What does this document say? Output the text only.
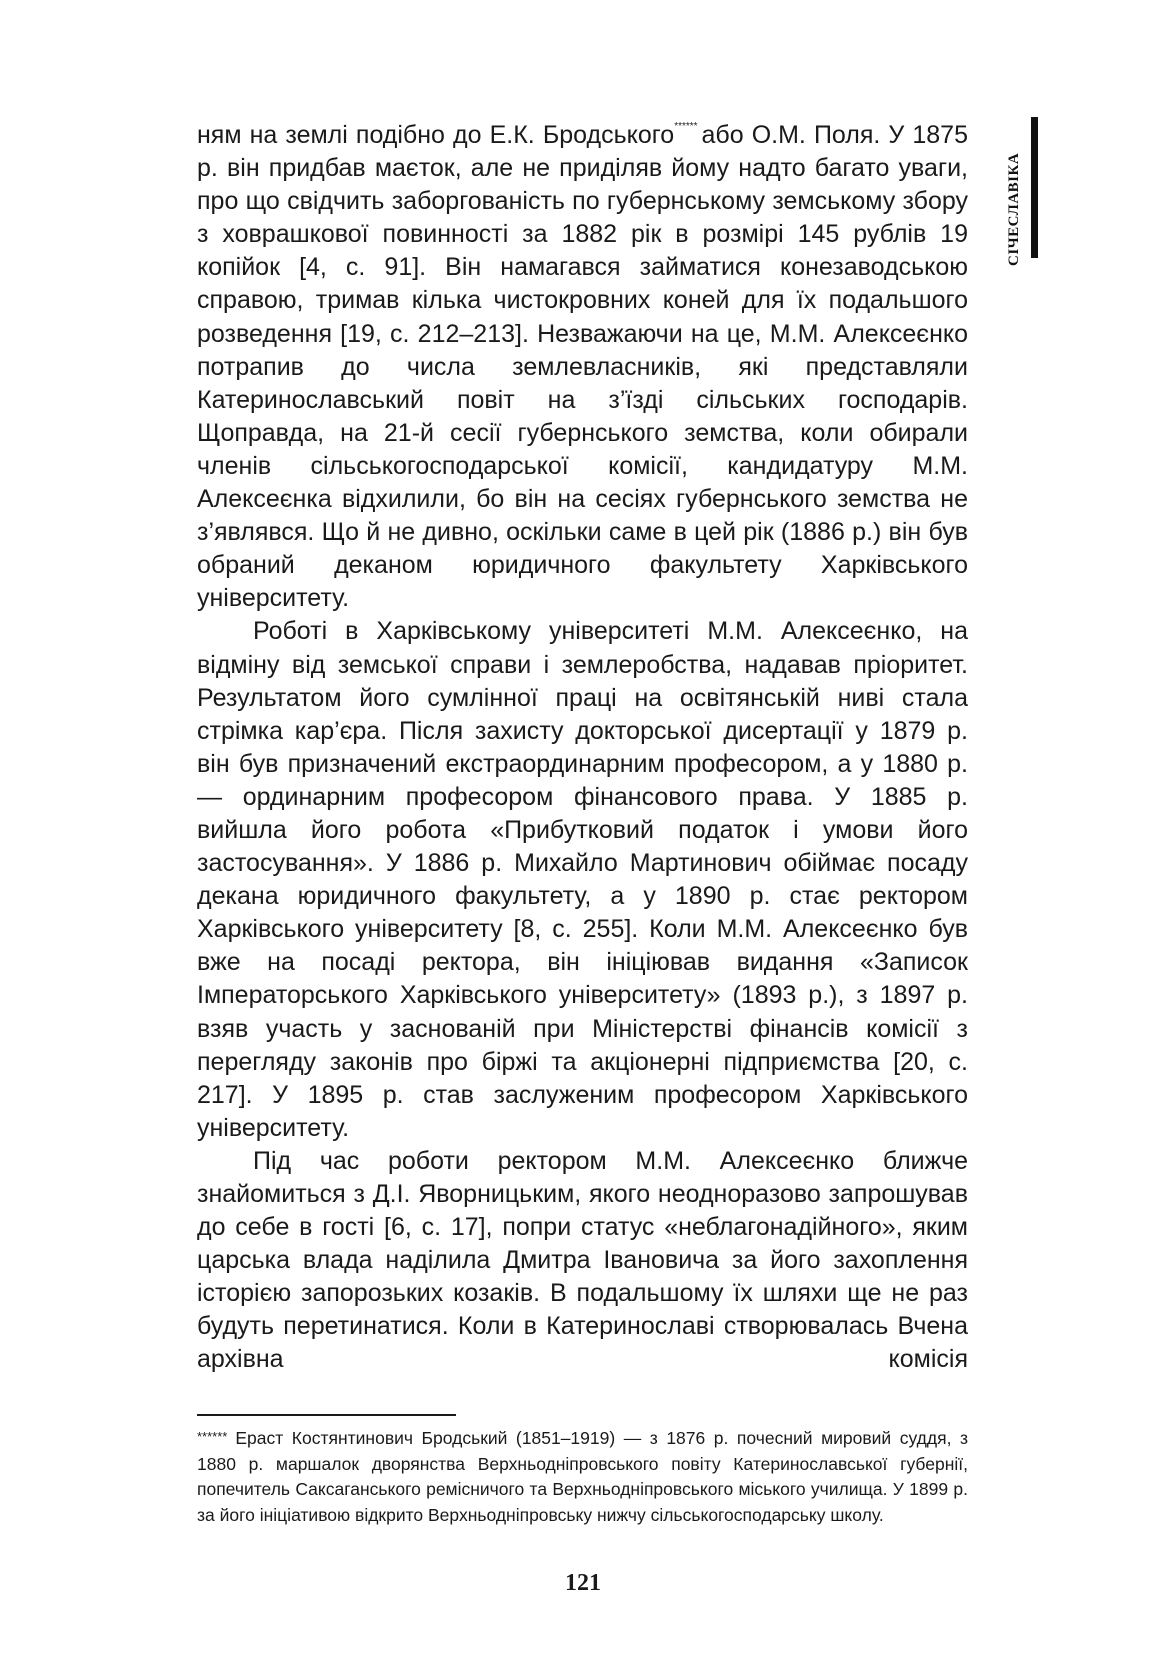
СІЧЕСЛАВІКА

ням на землі подібно до Е.К. Бродського****** або О.М. Поля. У 1875 р. він придбав маєток, але не приділяв йому надто багато уваги, про що свідчить заборгованість по губернському земському збору з ховрашкової повинності за 1882 рік в розмірі 145 рублів 19 копійок [4, с. 91]. Він намагався займатися конезаводською справою, тримав кілька чистокровних коней для їх подальшого розведення [19, с. 212–213]. Незважаючи на це, М.М. Алексеєнко потрапив до числа землевласників, які представляли Катеринославський повіт на з’їзді сільських господарів. Щоправда, на 21-й сесії губернського земства, коли обирали членів сільськогосподарської комісії, кандидатуру М.М. Алексеєнка відхилили, бо він на сесіях губернського земства не з’являвся. Що й не дивно, оскільки саме в цей рік (1886 р.) він був обраний деканом юридичного факультету Харківського університету.

Роботі в Харківському університеті М.М. Алексеєнко, на відміну від земської справи і землеробства, надавав пріоритет. Результатом його сумлінної праці на освітянській ниві стала стрімка кар’єра. Після захисту докторської дисертації у 1879 р. він був призначений екстраординарним професором, а у 1880 р. — ординарним професором фінансового права. У 1885 р. вийшла його робота «Прибутковий податок і умови його застосування». У 1886 р. Михайло Мартинович обіймає посаду декана юридичного факультету, а у 1890 р. стає ректором Харківського університету [8, с. 255]. Коли М.М. Алексеєнко був вже на посаді ректора, він ініціював видання «Записок Імператорського Харківського університету» (1893 р.), з 1897 р. взяв участь у заснованій при Міністерстві фінансів комісії з перегляду законів про біржі та акціонерні підприємства [20, с. 217]. У 1895 р. став заслуженим професором Харківського університету.

Під час роботи ректором М.М. Алексеєнко ближче знайомиться з Д.І. Яворницьким, якого неодноразово запрошував до себе в гості [6, с. 17], попри статус «неблагонадійного», яким царська влада наділила Дмитра Івановича за його захоплення історією запорозьких козаків. В подальшому їх шляхи ще не раз будуть перетинатися. Коли в Катеринославі створювалась Вчена архівна комісія

****** Ераст Костянтинович Бродський (1851–1919) — з 1876 р. почесний мировий суддя, з 1880 р. маршалок дворянства Верхньодніпровського повіту Катеринославської губернії, попечитель Саксаганського ремісничого та Верхньодніпровського міського училища. У 1899 р. за його ініціативою відкрито Верхньодніпровську нижчу сільськогосподарську школу.

121
